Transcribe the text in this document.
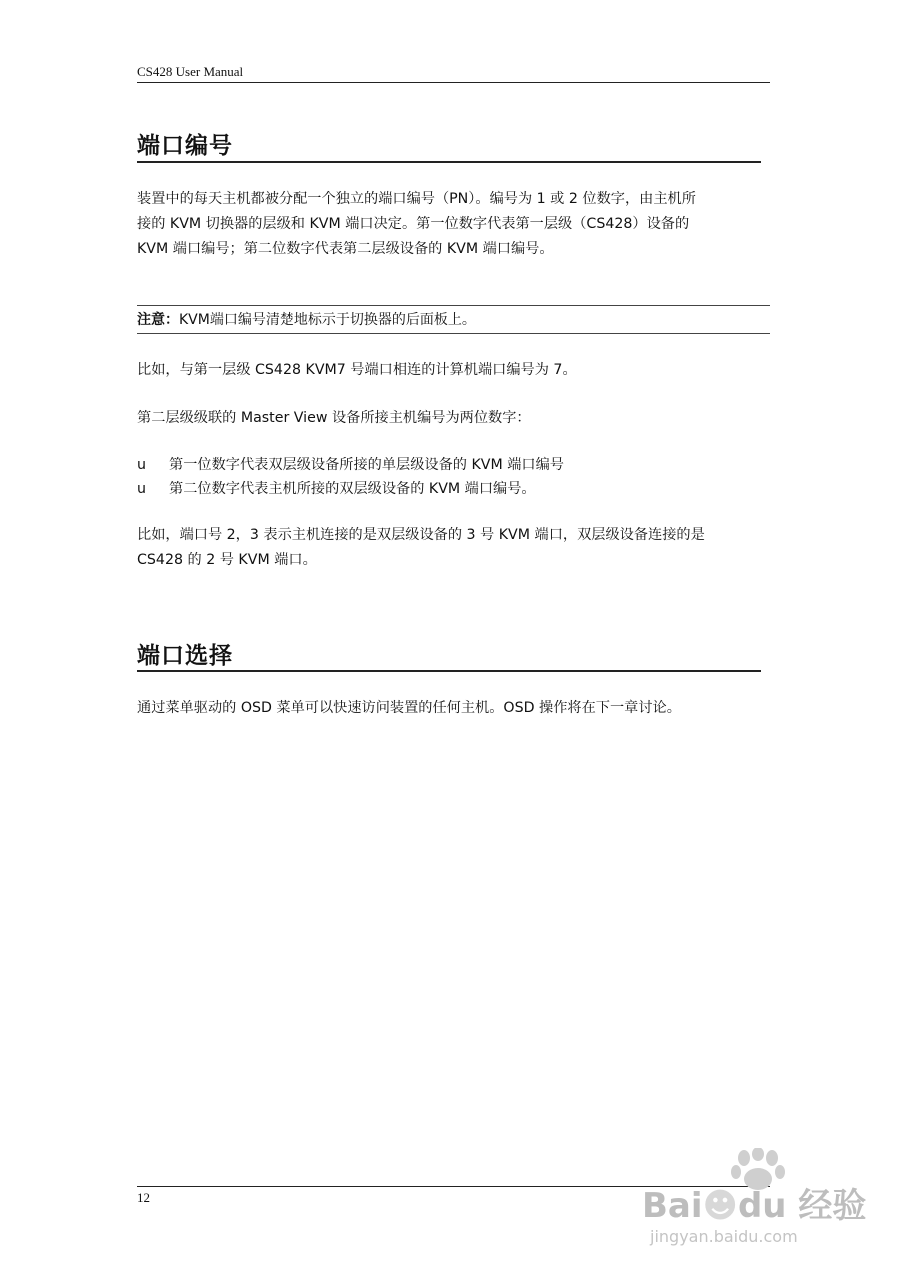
CS428 User Manual
端口编号
装置中的每天主机都被分配一个独立的端口编号（PN）。编号为 1 或 2 位数字，由主机所
接的 KVM 切换器的层级和 KVM 端口决定。第一位数字代表第一层级（CS428）设备的
KVM 端口编号；第二位数字代表第二层级设备的 KVM 端口编号。
注意：KVM端口编号清楚地标示于切换器的后面板上。
比如，与第一层级 CS428 KVM7 号端口相连的计算机端口编号为 7。
第二层级级联的 Master View 设备所接主机编号为两位数字：
u 第一位数字代表双层级设备所接的单层级设备的 KVM 端口编号
u 第二位数字代表主机所接的双层级设备的 KVM 端口编号。
比如，端口号 2，3 表示主机连接的是双层级设备的 3 号 KVM 端口，双层级设备连接的是
CS428 的 2 号 KVM 端口。
端口选择
通过菜单驱动的 OSD 菜单可以快速访问装置的任何主机。OSD 操作将在下一章讨论。
12	Bai☻du 经验
jingyan.baidu.com
